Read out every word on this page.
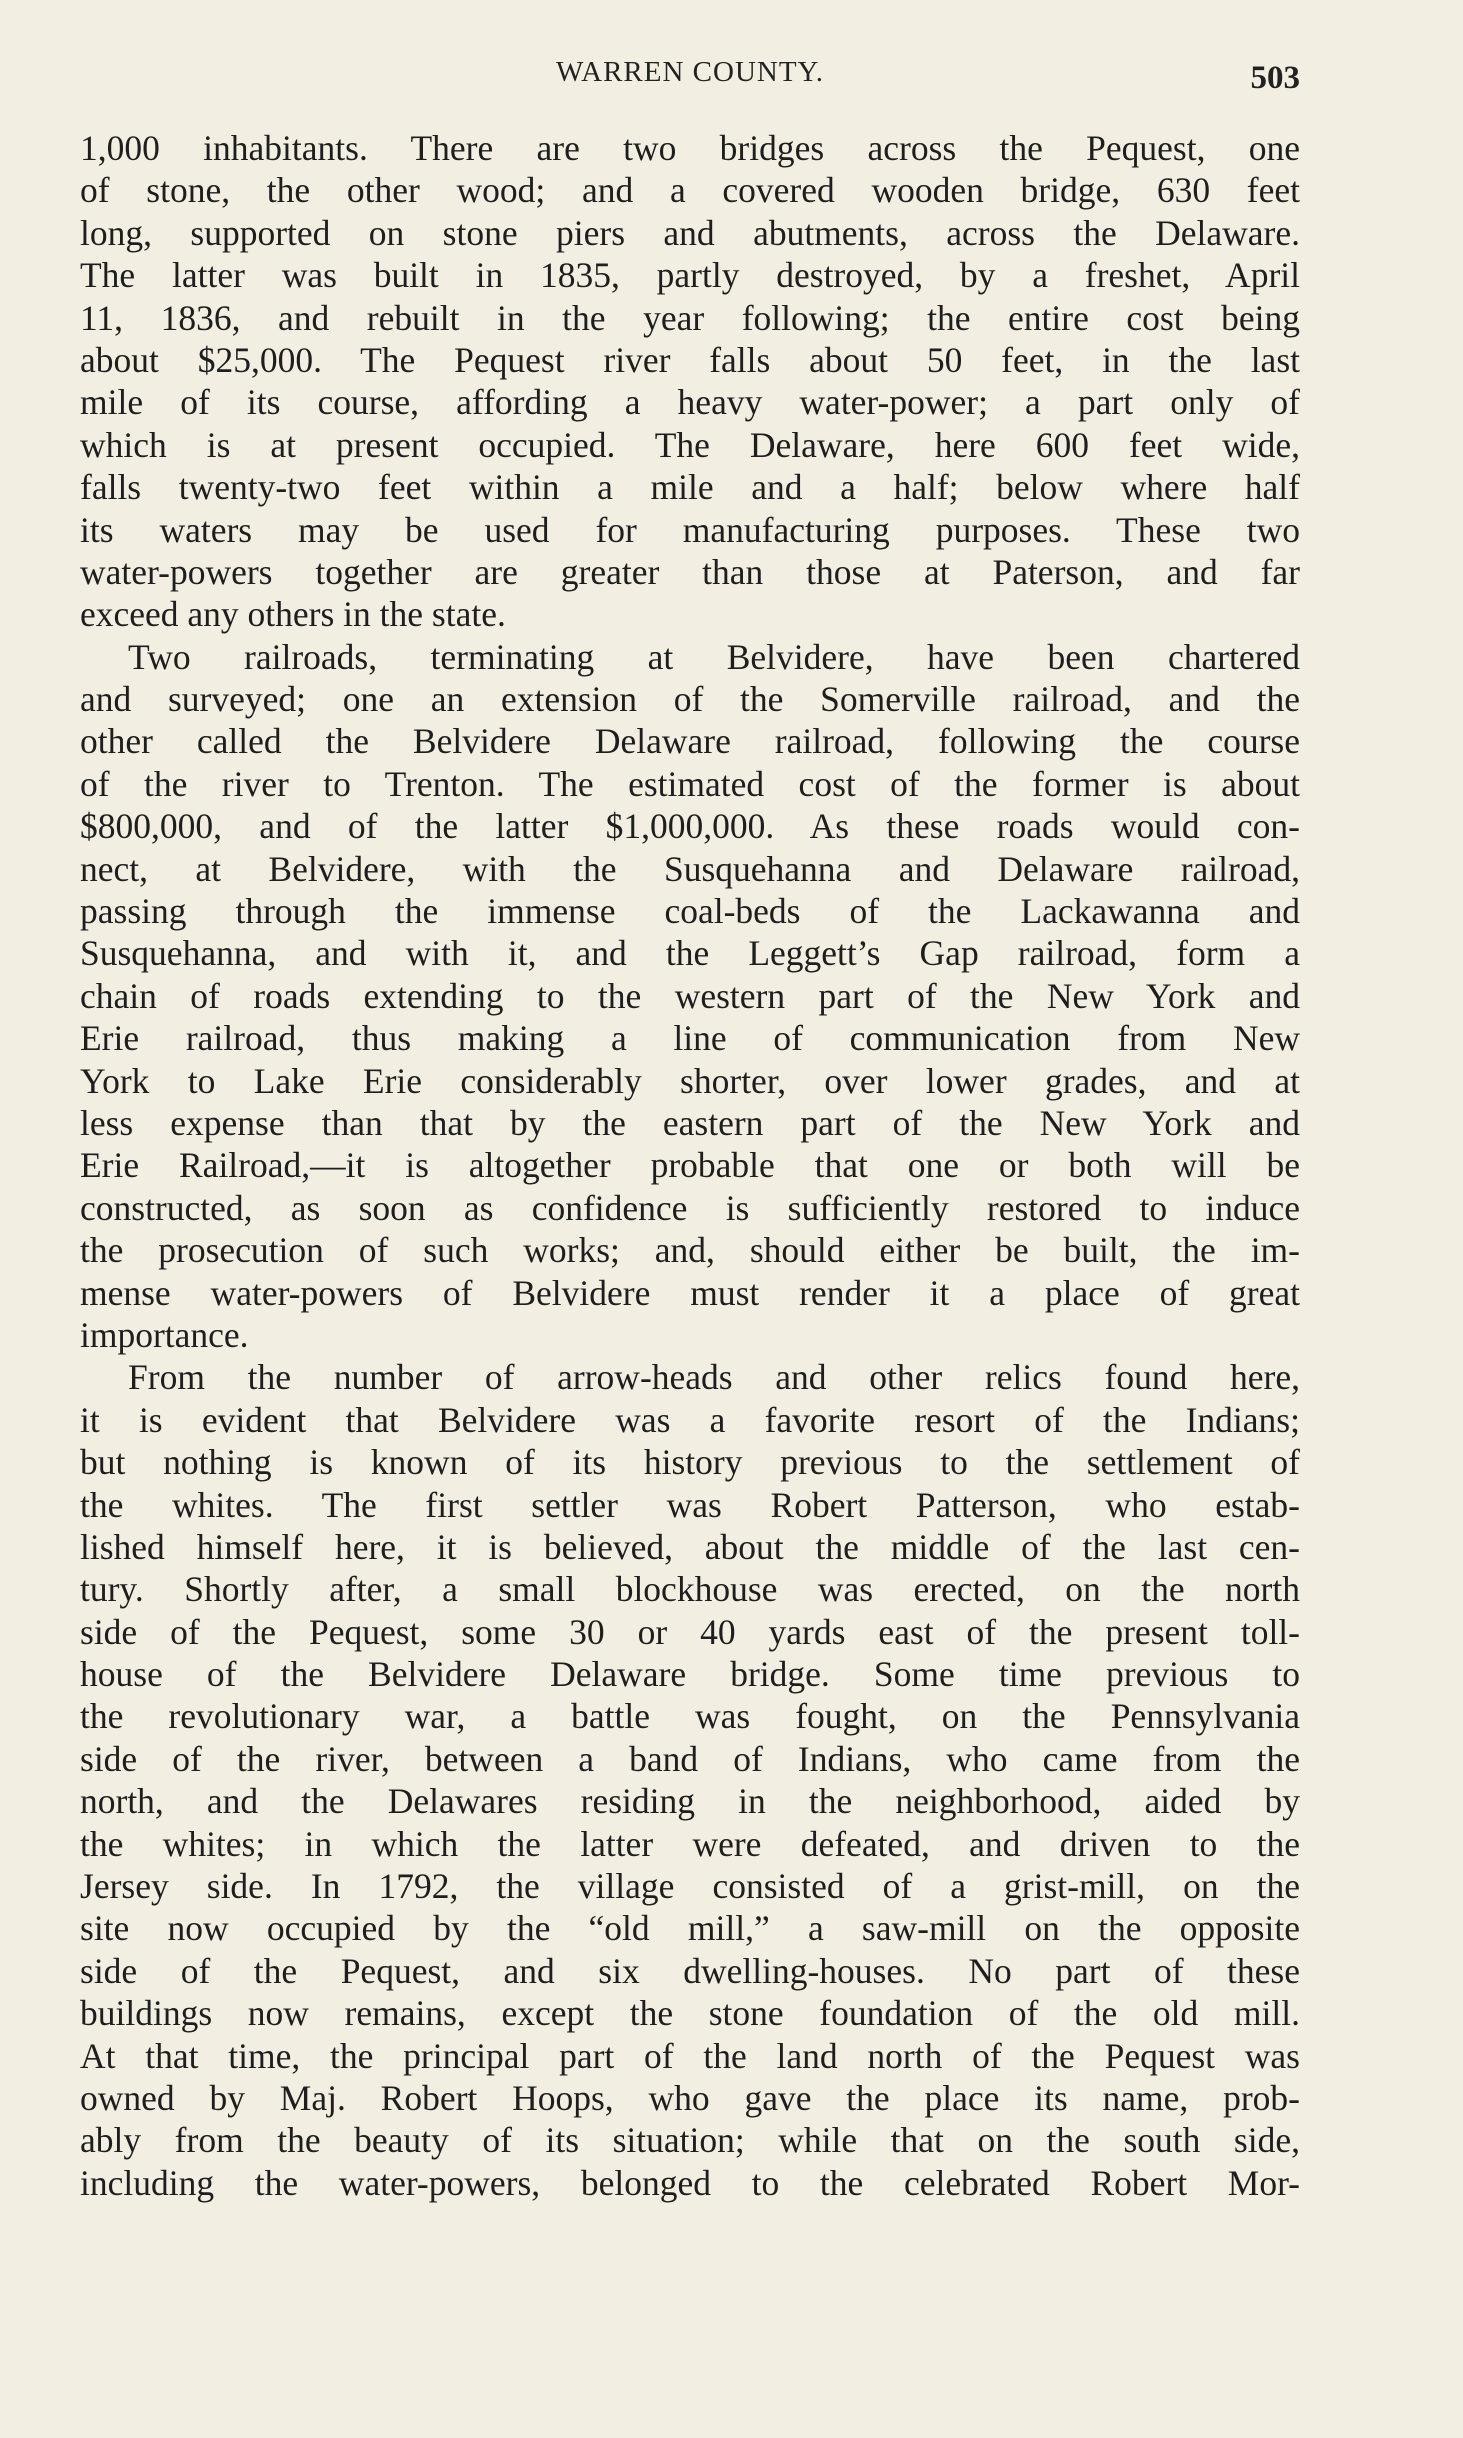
WARREN COUNTY.	503
1,000 inhabitants. There are two bridges across the Pequest, one
of stone, the other wood; and a covered wooden bridge, 630 feet
long, supported on stone piers and abutments, across the Delaware.
The latter was built in 1835, partly destroyed, by a freshet, April
11, 1836, and rebuilt in the year following; the entire cost being
about $25,000. The Pequest river falls about 50 feet, in the last
mile of its course, affording a heavy water-power; a part only of
which is at present occupied. The Delaware, here 600 feet wide,
falls twenty-two feet within a mile and a half; below where half
its waters may be used for manufacturing purposes. These two
water-powers together are greater than those at Paterson, and far
exceed any others in the state.
Two railroads, terminating at Belvidere, have been chartered
and surveyed; one an extension of the Somerville railroad, and the
other called the Belvidere Delaware railroad, following the course
of the river to Trenton. The estimated cost of the former is about
$800,000, and of the latter $1,000,000. As these roads would con-
nect, at Belvidere, with the Susquehanna and Delaware railroad,
passing through the immense coal-beds of the Lackawanna and
Susquehanna, and with it, and the Leggett’s Gap railroad, form a
chain of roads extending to the western part of the New York and
Erie railroad, thus making a line of communication from New
York to Lake Erie considerably shorter, over lower grades, and at
less expense than that by the eastern part of the New York and
Erie Railroad,—it is altogether probable that one or both will be
constructed, as soon as confidence is sufficiently restored to induce
the prosecution of such works; and, should either be built, the im-
mense water-powers of Belvidere must render it a place of great
importance.
From the number of arrow-heads and other relics found here,
it is evident that Belvidere was a favorite resort of the Indians;
but nothing is known of its history previous to the settlement of
the whites. The first settler was Robert Patterson, who estab-
lished himself here, it is believed, about the middle of the last cen-
tury. Shortly after, a small blockhouse was erected, on the north
side of the Pequest, some 30 or 40 yards east of the present toll-
house of the Belvidere Delaware bridge. Some time previous to
the revolutionary war, a battle was fought, on the Pennsylvania
side of the river, between a band of Indians, who came from the
north, and the Delawares residing in the neighborhood, aided by
the whites; in which the latter were defeated, and driven to the
Jersey side. In 1792, the village consisted of a grist-mill, on the
site now occupied by the “old mill,” a saw-mill on the opposite
side of the Pequest, and six dwelling-houses. No part of these
buildings now remains, except the stone foundation of the old mill.
At that time, the principal part of the land north of the Pequest was
owned by Maj. Robert Hoops, who gave the place its name, prob-
ably from the beauty of its situation; while that on the south side,
including the water-powers, belonged to the celebrated Robert Mor-
